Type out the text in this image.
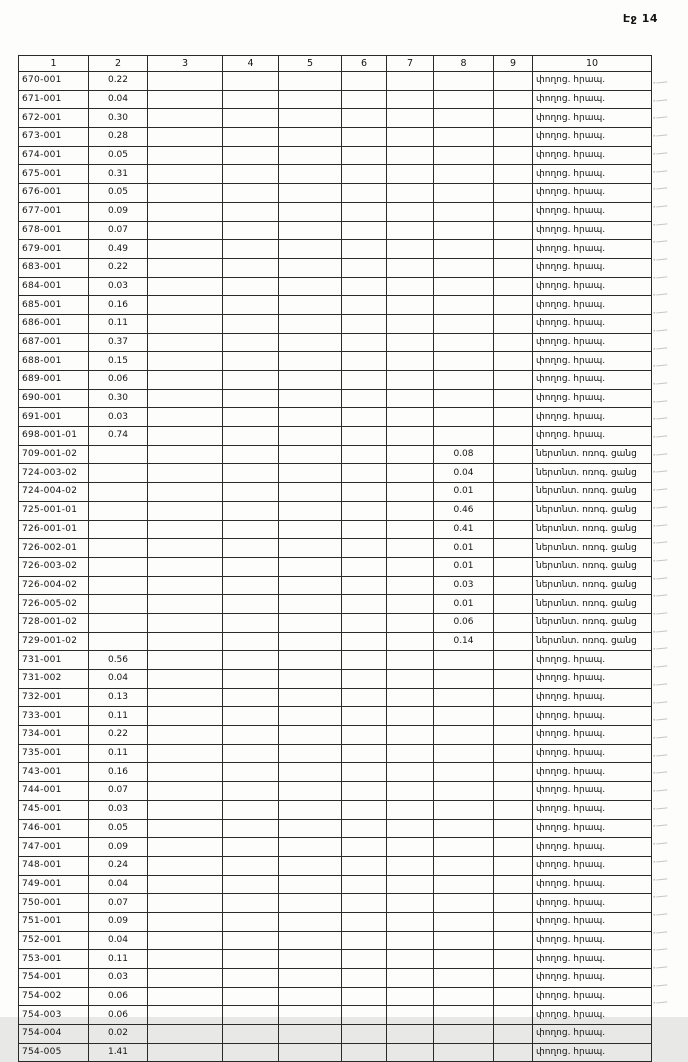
Էջ 14
1	2	3	4	5	6	7	8	9	10
670-001	0.22								փողոց. հրապ.
671-001	0.04								փողոց. հրապ.
672-001	0.30								փողոց. հրապ.
673-001	0.28								փողոց. հրապ.
674-001	0.05								փողոց. հրապ.
675-001	0.31								փողոց. հրապ.
676-001	0.05								փողոց. հրապ.
677-001	0.09								փողոց. հրապ.
678-001	0.07								փողոց. հրապ.
679-001	0.49								փողոց. հրապ.
683-001	0.22								փողոց. հրապ.
684-001	0.03								փողոց. հրապ.
685-001	0.16								փողոց. հրապ.
686-001	0.11								փողոց. հրապ.
687-001	0.37								փողոց. հրապ.
688-001	0.15								փողոց. հրապ.
689-001	0.06								փողոց. հրապ.
690-001	0.30								փողոց. հրապ.
691-001	0.03								փողոց. հրապ.
698-001-01	0.74								փողոց. հրապ.
709-001-02							0.08		ներտնտ. ոռոգ. ցանց
724-003-02							0.04		ներտնտ. ոռոգ. ցանց
724-004-02							0.01		ներտնտ. ոռոգ. ցանց
725-001-01							0.46		ներտնտ. ոռոգ. ցանց
726-001-01							0.41		ներտնտ. ոռոգ. ցանց
726-002-01							0.01		ներտնտ. ոռոգ. ցանց
726-003-02							0.01		ներտնտ. ոռոգ. ցանց
726-004-02							0.03		ներտնտ. ոռոգ. ցանց
726-005-02							0.01		ներտնտ. ոռոգ. ցանց
728-001-02							0.06		ներտնտ. ոռոգ. ցանց
729-001-02							0.14		ներտնտ. ոռոգ. ցանց
731-001	0.56								փողոց. հրապ.
731-002	0.04								փողոց. հրապ.
732-001	0.13								փողոց. հրապ.
733-001	0.11								փողոց. հրապ.
734-001	0.22								փողոց. հրապ.
735-001	0.11								փողոց. հրապ.
743-001	0.16								փողոց. հրապ.
744-001	0.07								փողոց. հրապ.
745-001	0.03								փողոց. հրապ.
746-001	0.05								փողոց. հրապ.
747-001	0.09								փողոց. հրապ.
748-001	0.24								փողոց. հրապ.
749-001	0.04								փողոց. հրապ.
750-001	0.07								փողոց. հրապ.
751-001	0.09								փողոց. հրապ.
752-001	0.04								փողոց. հրապ.
753-001	0.11								փողոց. հրապ.
754-001	0.03								փողոց. հրապ.
754-002	0.06								փողոց. հրապ.
754-003	0.06								փողոց. հրապ.
754-004	0.02								փողոց. հրապ.
754-005	1.41								փողոց. հրապ.
